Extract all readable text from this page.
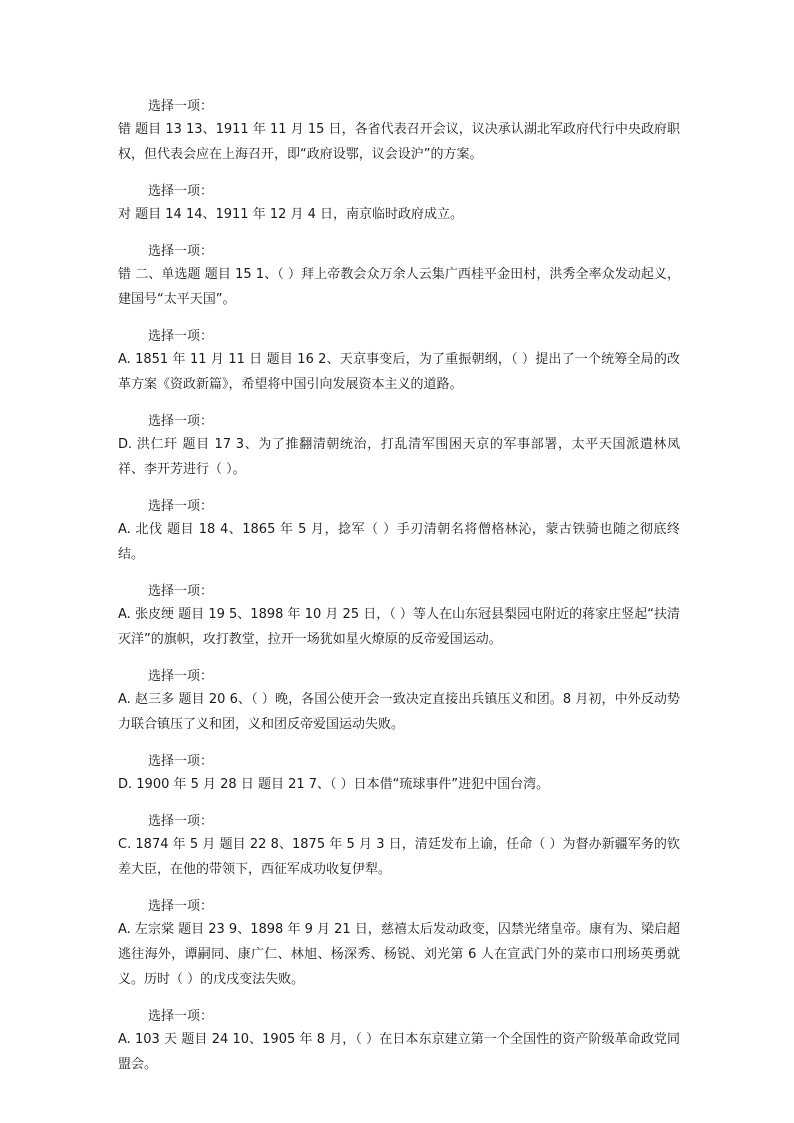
选择一项：
错 题目 13 13、1911 年 11 月 15 日，各省代表召开会议，议决承认湖北军政府代行中央政府职权，但代表会应在上海召开，即“政府设鄂，议会设沪”的方案。
选择一项：
对 题目 14 14、1911 年 12 月 4 日，南京临时政府成立。
选择一项：
错 二、单选题 题目 15 1、（ ）拜上帝教会众万余人云集广西桂平金田村，洪秀全率众发动起义，建国号“太平天国”。
选择一项：
A. 1851 年 11 月 11 日 题目 16 2、天京事变后，为了重振朝纲，（ ）提出了一个统筹全局的改革方案《资政新篇》，希望将中国引向发展资本主义的道路。
选择一项：
D. 洪仁玕 题目 17 3、为了推翻清朝统治，打乱清军围困天京的军事部署，太平天国派遣林凤祥、李开芳进行（ ）。
选择一项：
A. 北伐 题目 18 4、1865 年 5 月，捻军（ ）手刃清朝名将僧格林沁，蒙古铁骑也随之彻底终结。
选择一项：
A. 张皮绠 题目 19 5、1898 年 10 月 25 日，（ ）等人在山东冠县梨园屯附近的蒋家庄竖起“扶清灭洋”的旗帜，攻打教堂，拉开一场犹如星火燎原的反帝爱国运动。
选择一项：
A. 赵三多 题目 20 6、（ ）晚，各国公使开会一致决定直接出兵镇压义和团。8 月初，中外反动势力联合镇压了义和团，义和团反帝爱国运动失败。
选择一项：
D. 1900 年 5 月 28 日 题目 21 7、（ ）日本借“琉球事件”进犯中国台湾。
选择一项：
C. 1874 年 5 月 题目 22 8、1875 年 5 月 3 日，清廷发布上谕，任命（ ）为督办新疆军务的钦差大臣，在他的带领下，西征军成功收复伊犁。
选择一项：
A. 左宗棠 题目 23 9、1898 年 9 月 21 日，慈禧太后发动政变，囚禁光绪皇帝。康有为、梁启超逃往海外，谭嗣同、康广仁、林旭、杨深秀、杨锐、刘光第 6 人在宣武门外的菜市口刑场英勇就义。历时（ ）的戊戌变法失败。
选择一项：
A. 103 天 题目 24 10、1905 年 8 月，（ ）在日本东京建立第一个全国性的资产阶级革命政党同盟会。
